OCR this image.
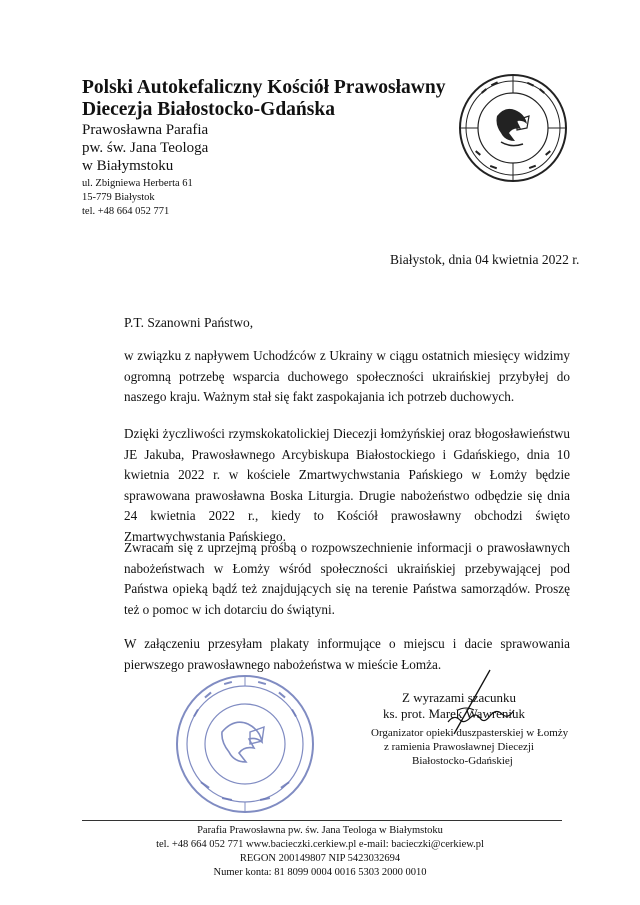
Polski Autokefaliczny Kościół Prawosławny
Diecezja Białostocko-Gdańska
Prawosławna Parafia
pw. św. Jana Teologa
w Białymstoku
ul. Zbigniewa Herberta 61
15-779 Białystok
tel. +48 664 052 771
Białystok, dnia 04 kwietnia 2022 r.
P.T. Szanowni Państwo,
w związku z napływem Uchodźców z Ukrainy w ciągu ostatnich miesięcy widzimy ogromną potrzebę wsparcia duchowego społeczności ukraińskiej przybyłej do naszego kraju. Ważnym stał się fakt zaspokajania ich potrzeb duchowych.
Dzięki życzliwości rzymskokatolickiej Diecezji łomżyńskiej oraz błogosławieństwu JE Jakuba, Prawosławnego Arcybiskupa Białostockiego i Gdańskiego, dnia 10 kwietnia 2022 r. w kościele Zmartwychwstania Pańskiego w Łomży będzie sprawowana prawosławna Boska Liturgia. Drugie nabożeństwo odbędzie się dnia 24 kwietnia 2022 r., kiedy to Kościół prawosławny obchodzi święto Zmartwychwstania Pańskiego.
Zwracam się z uprzejmą prośbą o rozpowszechnienie informacji o prawosławnych nabożeństwach w Łomży wśród społeczności ukraińskiej przebywającej pod Państwa opieką bądź też znajdujących się na terenie Państwa samorządów. Proszę też o pomoc w ich dotarciu do świątyni.
W załączeniu przesyłam plakaty informujące o miejscu i dacie sprawowania pierwszego prawosławnego nabożeństwa w mieście Łomża.
Z wyrazami szacunku
ks. prot. Marek Wawreniuk
Organizator opieki duszpasterskiej w Łomży
z ramienia Prawosławnej Diecezji
Białostocko-Gdańskiej
Parafia Prawosławna pw. św. Jana Teologa w Białymstoku
tel. +48 664 052 771 www.bacieczki.cerkiew.pl e-mail: bacieczki@cerkiew.pl
REGON 200149807 NIP 5423032694
Numer konta: 81 8099 0004 0016 5303 2000 0010
